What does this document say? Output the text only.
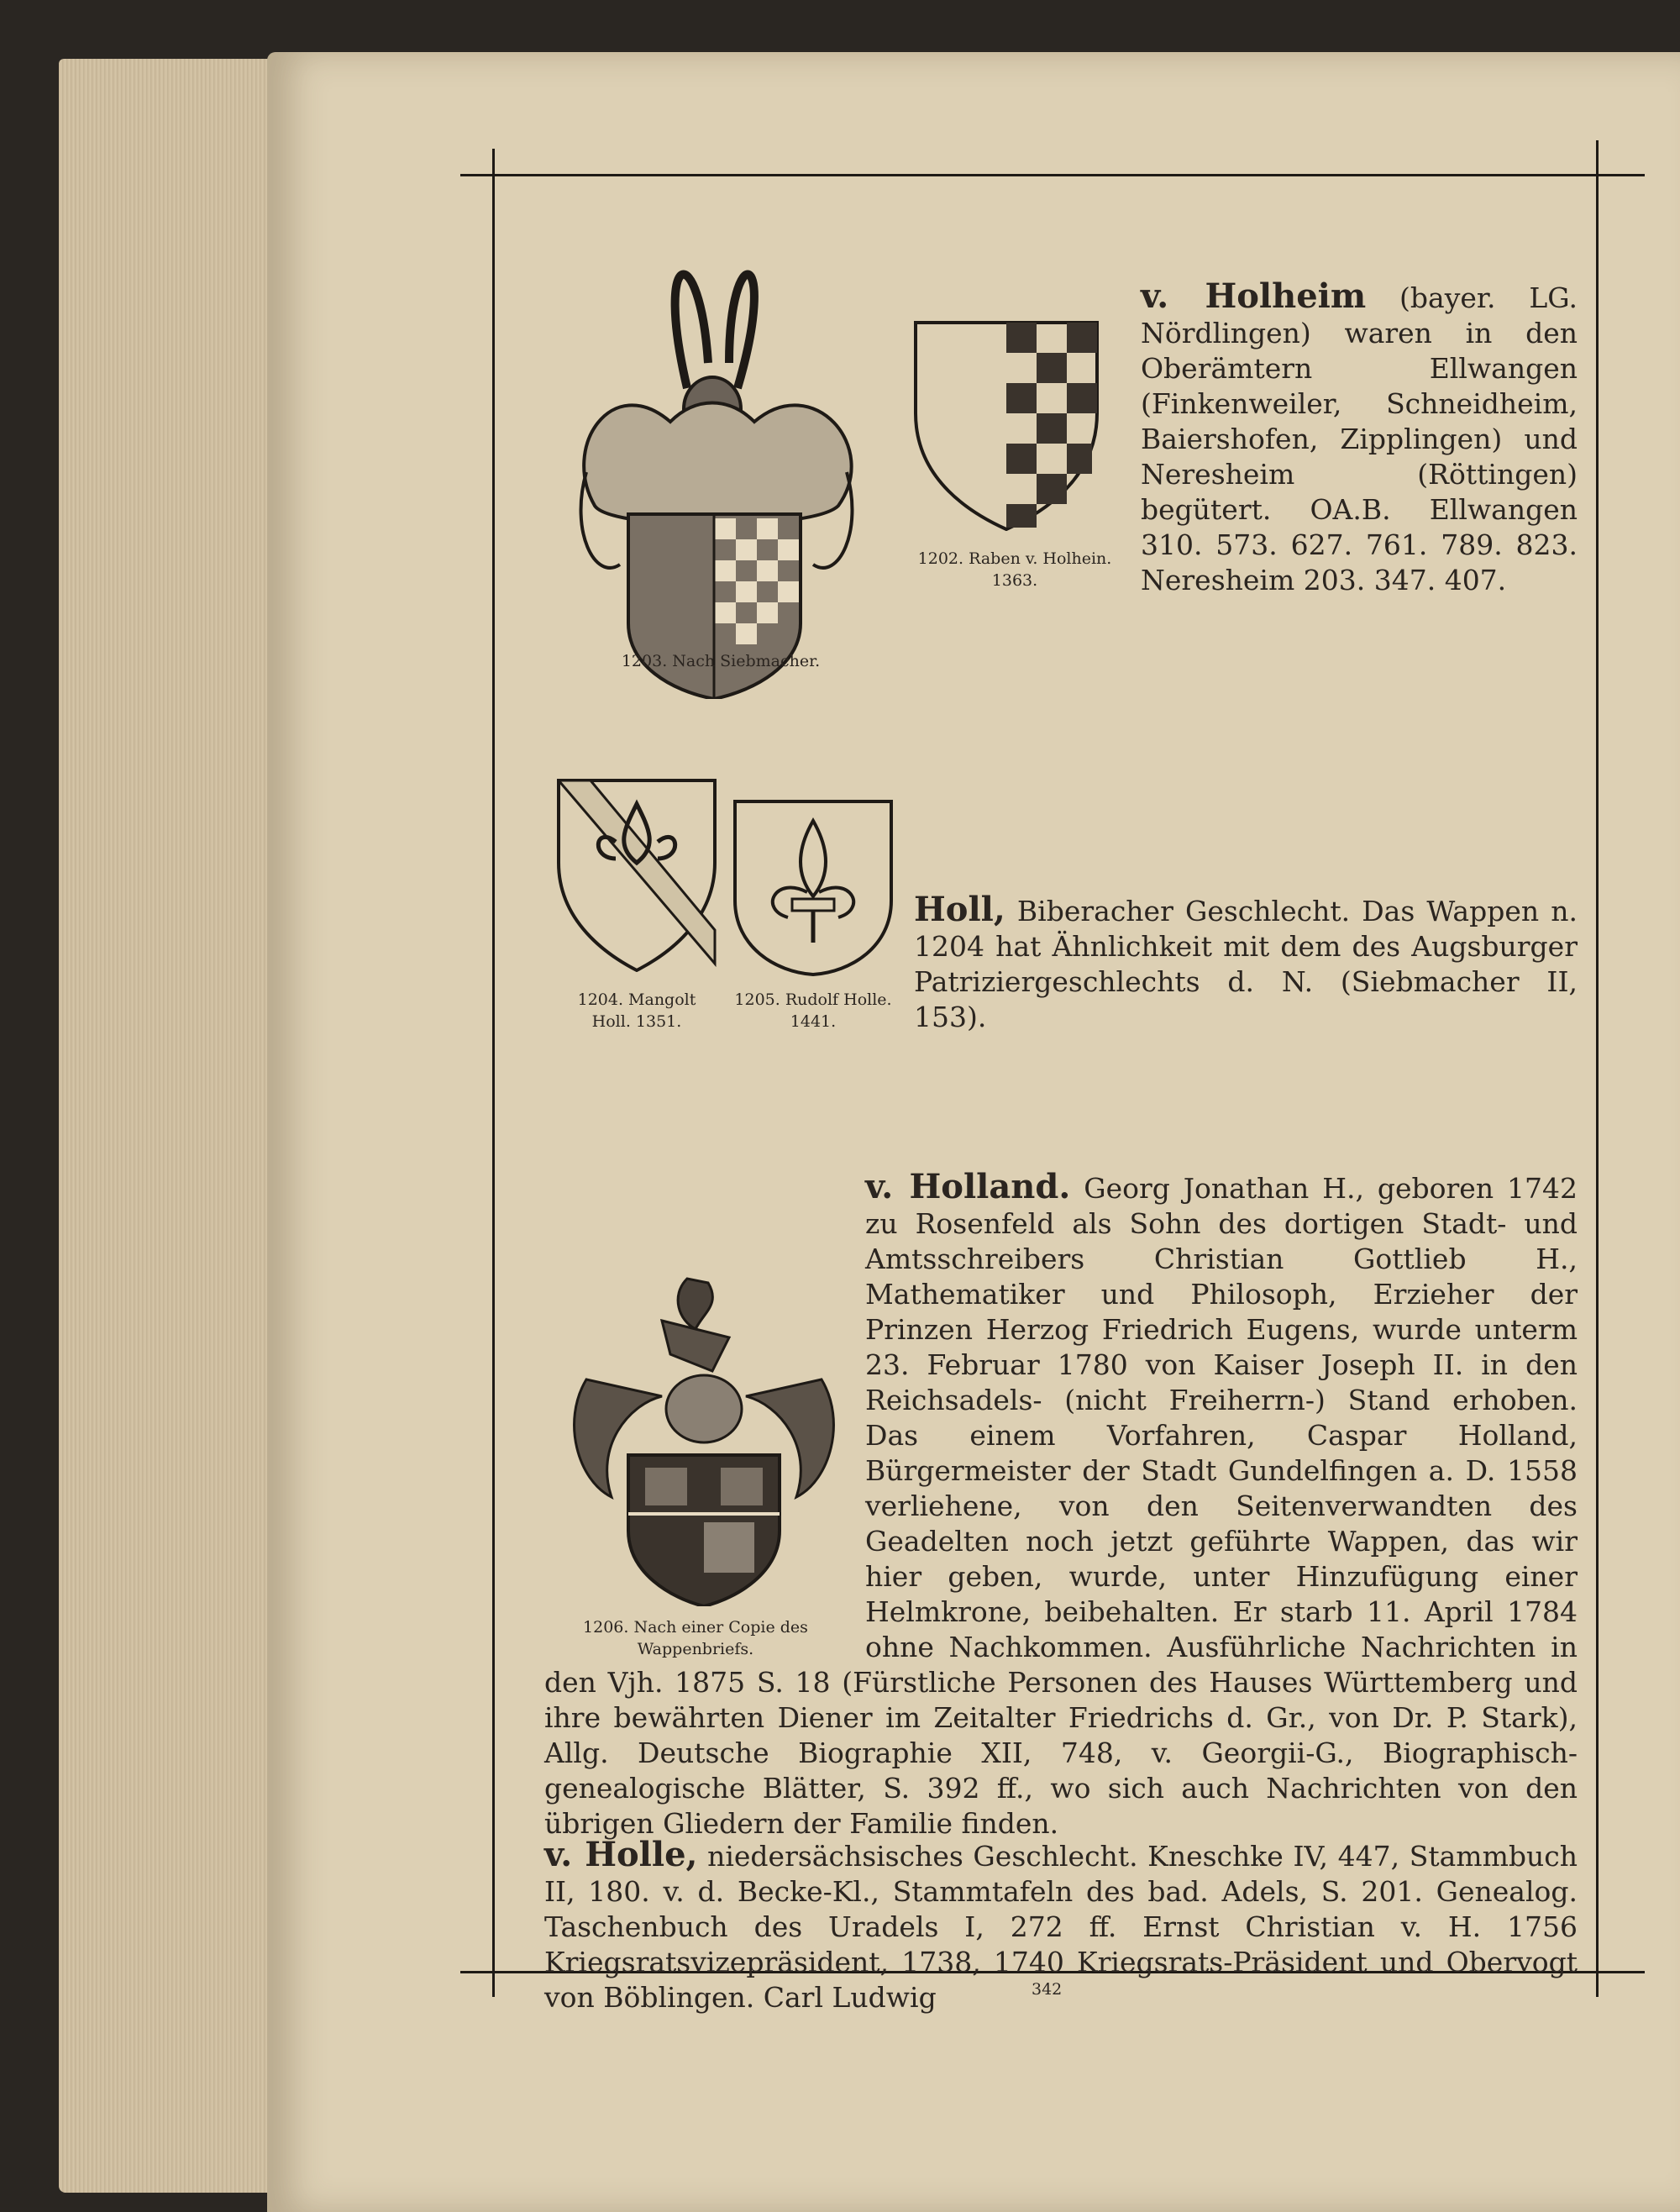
1203. Nach Siebmacher.
1202. Raben v. Holhein.
1363.
v. Holheim (bayer. LG. Nördlingen) waren in den Oberämtern Ellwangen (Finkenweiler, Schneidheim, Baiershofen, Zipplingen) und Neresheim (Röttingen) begütert. OA.B. Ellwangen 310. 573. 627. 761. 789. 823. Neresheim 203. 347. 407.
1204. Mangolt
Holl. 1351.
1205. Rudolf Holle.
1441.
Holl, Biberacher Geschlecht. Das Wappen n. 1204 hat Ähnlichkeit mit dem des Augsburger Patriziergeschlechts d. N. (Siebmacher II, 153).
1206. Nach einer Copie des
Wappenbriefs.
v. Holland. Georg Jonathan H., geboren 1742 zu Rosenfeld als Sohn des dortigen Stadt- und Amtsschreibers Christian Gottlieb H., Mathematiker und Philosoph, Erzieher der Prinzen Herzog Friedrich Eugens, wurde unterm 23. Februar 1780 von Kaiser Joseph II. in den Reichsadels- (nicht Freiherrn-) Stand erhoben. Das einem Vorfahren, Caspar Holland, Bürgermeister der Stadt Gundelfingen a. D. 1558 verliehene, von den Seitenverwandten des Geadelten noch jetzt geführte Wappen, das wir hier geben, wurde, unter Hinzufügung einer Helmkrone, beibehalten. Er starb 11. April 1784 ohne Nachkommen. Ausführliche Nachrichten in den Vjh. 1875 S. 18 (Fürstliche Personen des Hauses Württemberg und ihre bewährten Diener im Zeitalter Friedrichs d. Gr., von Dr. P. Stark), Allg. Deutsche Biographie XII, 748, v. Georgii-G., Biographisch-genealogische Blätter, S. 392 ff., wo sich auch Nachrichten von den übrigen Gliedern der Familie finden.
v. Holle, niedersächsisches Geschlecht. Kneschke IV, 447, Stammbuch II, 180. v. d. Becke-Kl., Stammtafeln des bad. Adels, S. 201. Genealog. Taschenbuch des Uradels I, 272 ff. Ernst Christian v. H. 1756 Kriegsratsvizepräsident, 1738, 1740 Kriegsrats-Präsident und Obervogt von Böblingen. Carl Ludwig	342
